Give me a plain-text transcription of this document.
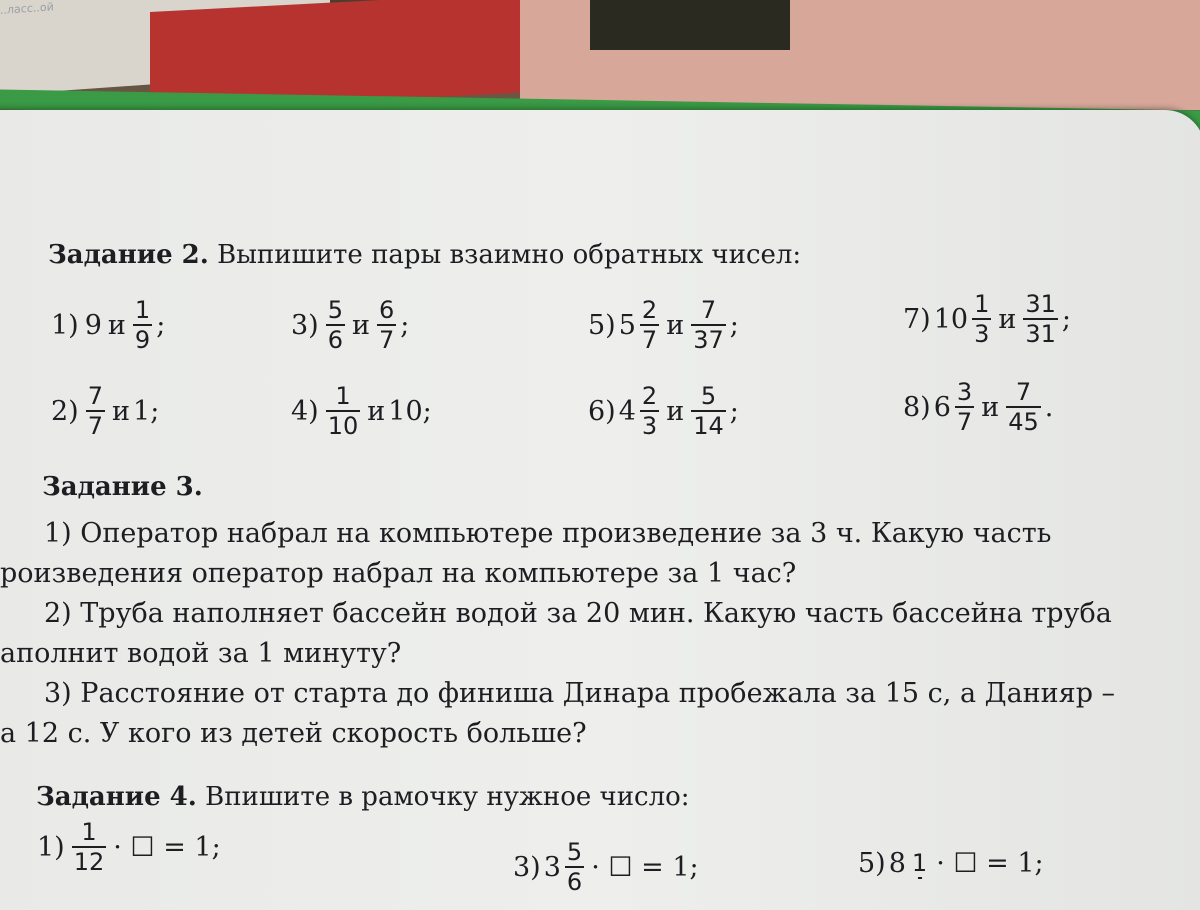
..ласс..ой
Задание 2. Выпишите пары взаимно обратных чисел:
1) 9 и $\frac{1}{9}$ ;	$3) \frac{5}{6}$ и $\frac{6}{7}$ ;	5) $5 \frac{2}{7}$ и $\frac{7}{37}$ ;	7) $10 \frac{1}{3}$ и $\frac{31}{31}$ ;
$2) \frac{7}{7}$ и 1 ;	$4) \frac{1}{10}$ и 10 ;	6) $4 \frac{2}{3}$ и $\frac{5}{14}$ ;	8) $6 \frac{3}{7}$ и $\frac{7}{45}$ .
Задание 3.
1) Оператор набрал на компьютере произведение за 3 ч. Какую часть
роизведения оператор набрал на компьютере за 1 час?
2) Труба наполняет бассейн водой за 20 мин. Какую часть бассейна труба
аполнит водой за 1 минуту?
3) Расстояние от старта до финиша Динара пробежала за 15 с, а Данияр –
а 12 с. У кого из детей скорость больше?
Задание 4. Впишите в рамочку нужное число:
$1) \frac{1}{12}$ · ☐ = 1;
3) $3 \frac{5}{6}$ · ☐ = 1;	5) 8 1 · ☐ = 1;
